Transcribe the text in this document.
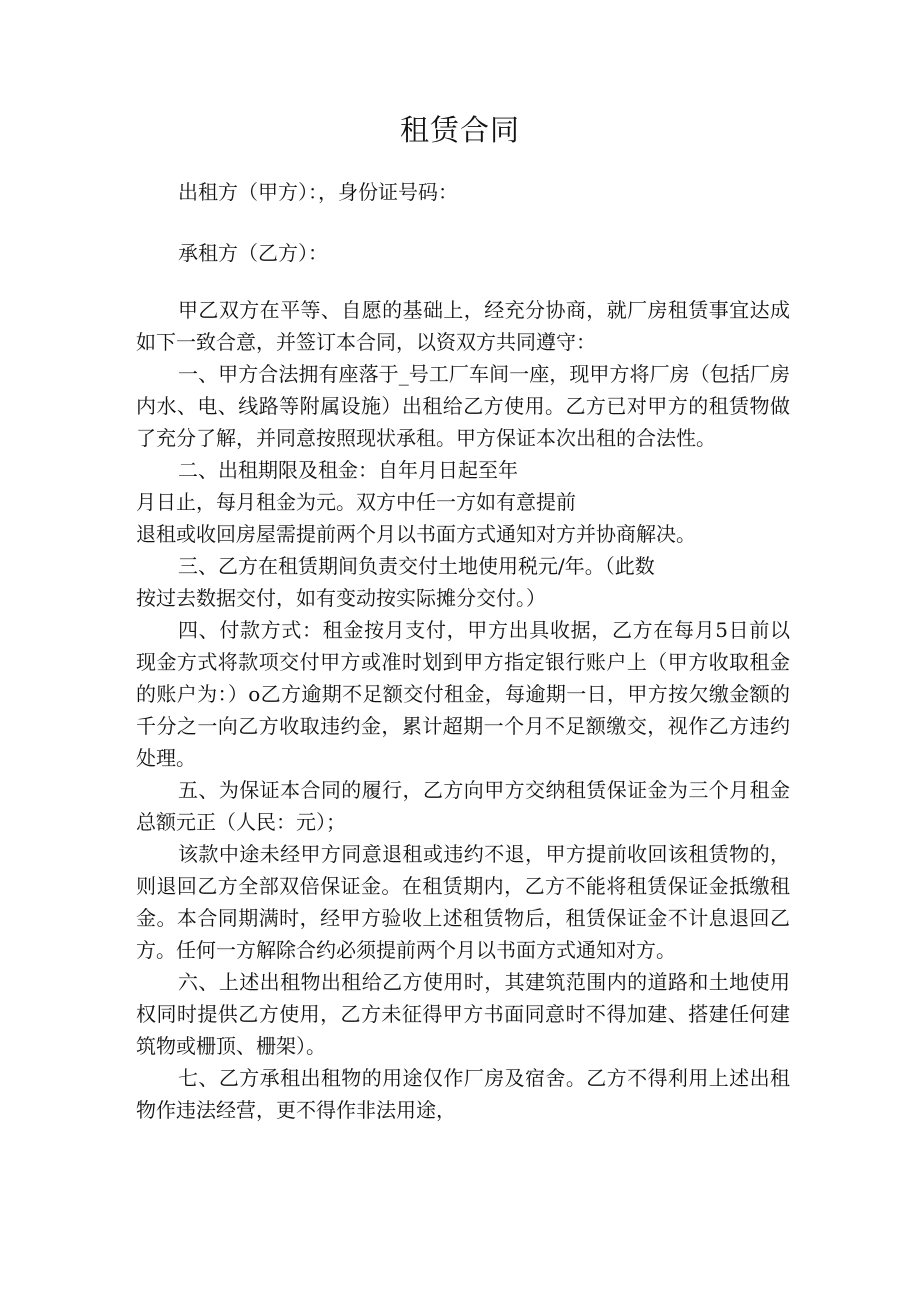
租赁合同
出租方（甲方）：，身份证号码：
承租方（乙方）：

甲乙双方在平等、自愿的基础上，经充分协商，就厂房租赁事宜达成如下一致合意，并签订本合同，以资双方共同遵守：

一、甲方合法拥有座落于_号工厂车间一座，现甲方将厂房（包括厂房内水、电、线路等附属设施）出租给乙方使用。乙方已对甲方的租赁物做了充分了解，并同意按照现状承租。甲方保证本次出租的合法性。

二、出租期限及租金：自年月日起至年
月日止，每月租金为元。双方中任一方如有意提前
退租或收回房屋需提前两个月以书面方式通知对方并协商解决。

三、乙方在租赁期间负责交付土地使用税元/年。（此数
按过去数据交付，如有变动按实际摊分交付。）

四、付款方式：租金按月支付，甲方出具收据，乙方在每月5日前以现金方式将款项交付甲方或准时划到甲方指定银行账户上（甲方收取租金的账户为：）o乙方逾期不足额交付租金，每逾期一日，甲方按欠缴金额的千分之一向乙方收取违约金，累计超期一个月不足额缴交，视作乙方违约处理。

五、为保证本合同的履行，乙方向甲方交纳租赁保证金为三个月租金总额元正（人民：元）；

该款中途未经甲方同意退租或违约不退，甲方提前收回该租赁物的，则退回乙方全部双倍保证金。在租赁期内，乙方不能将租赁保证金抵缴租金。本合同期满时，经甲方验收上述租赁物后，租赁保证金不计息退回乙方。任何一方解除合约必须提前两个月以书面方式通知对方。

六、上述出租物出租给乙方使用时，其建筑范围内的道路和土地使用权同时提供乙方使用，乙方未征得甲方书面同意时不得加建、搭建任何建筑物或栅顶、栅架）。

七、乙方承租出租物的用途仅作厂房及宿舍。乙方不得利用上述出租物作违法经营，更不得作非法用途，
